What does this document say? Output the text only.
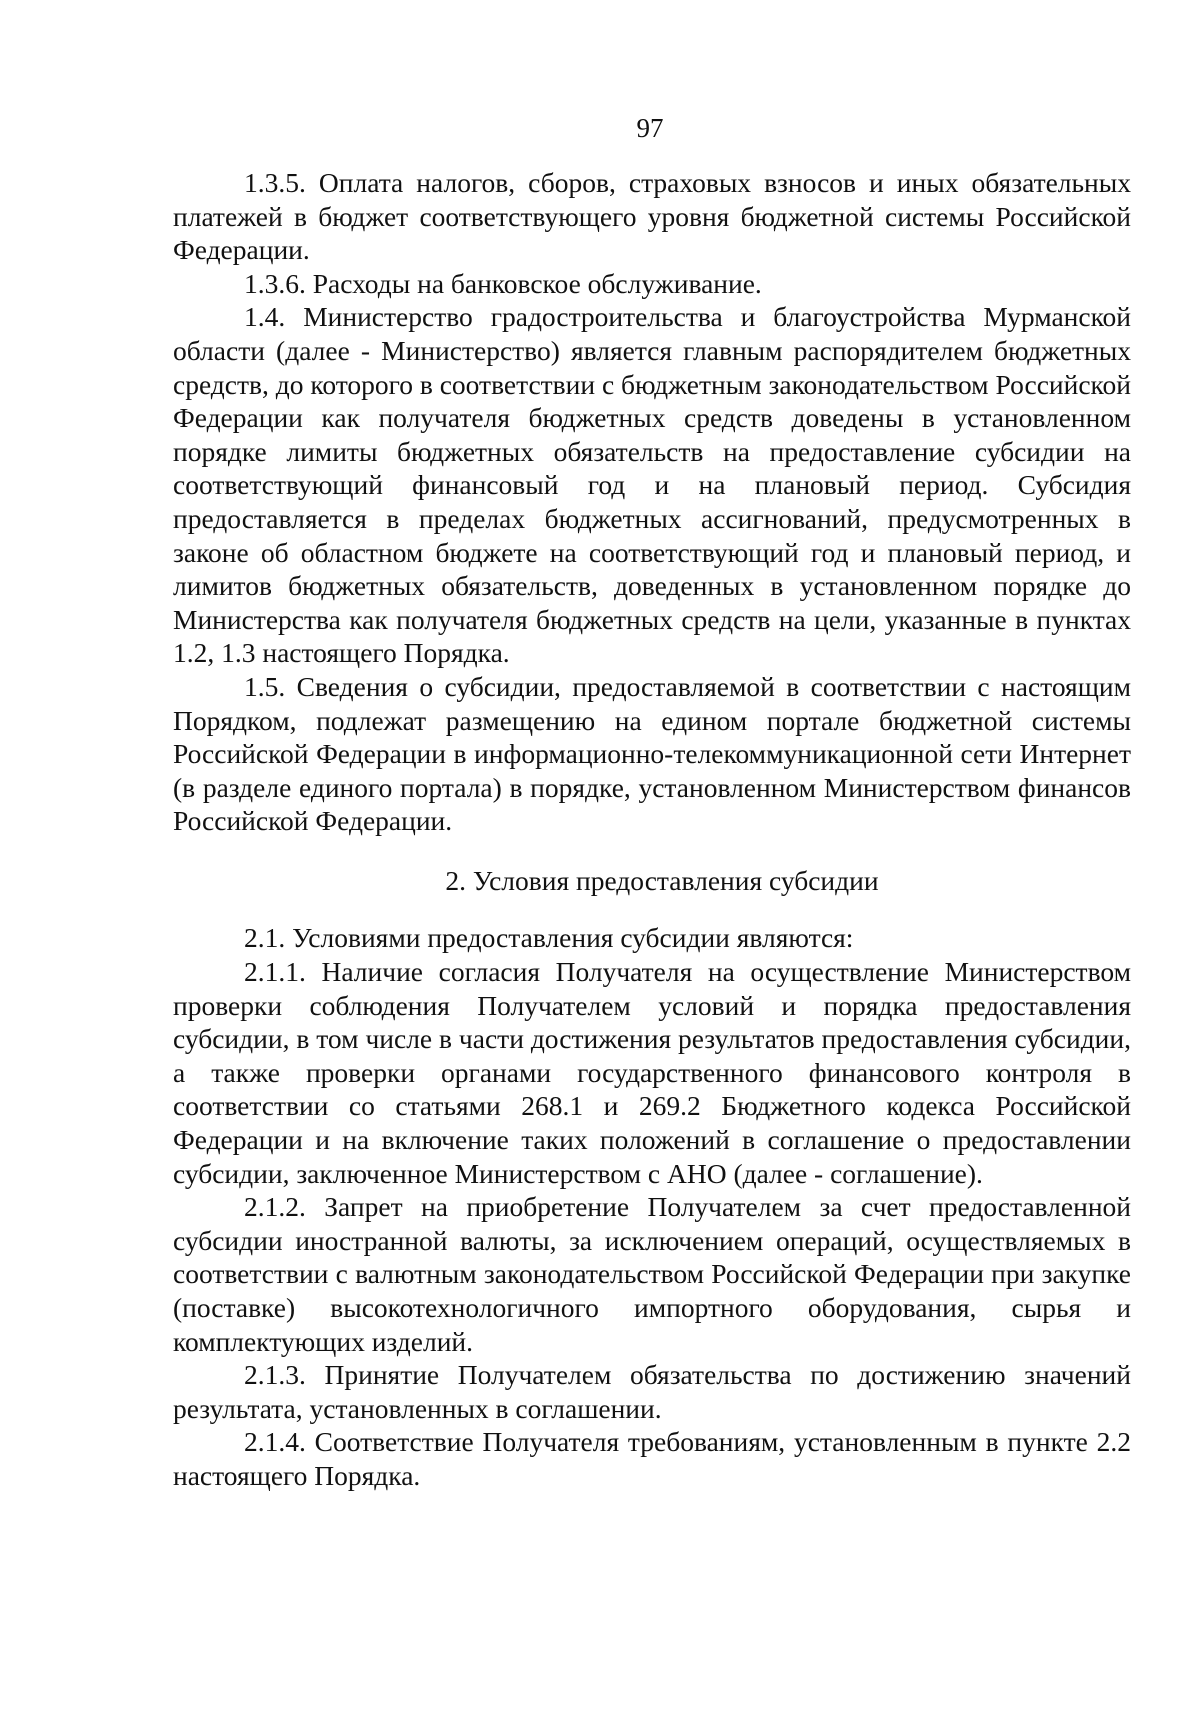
97

1.3.5. Оплата налогов, сборов, страховых взносов и иных обязательных платежей в бюджет соответствующего уровня бюджетной системы Российской Федерации.

1.3.6. Расходы на банковское обслуживание.

1.4. Министерство градостроительства и благоустройства Мурманской области (далее - Министерство) является главным распорядителем бюджетных средств, до которого в соответствии с бюджетным законодательством Российской Федерации как получателя бюджетных средств доведены в установленном порядке лимиты бюджетных обязательств на предоставление субсидии на соответствующий финансовый год и на плановый период. Субсидия предоставляется в пределах бюджетных ассигнований, предусмотренных в законе об областном бюджете на соответствующий год и плановый период, и лимитов бюджетных обязательств, доведенных в установленном порядке до Министерства как получателя бюджетных средств на цели, указанные в пунктах 1.2, 1.3 настоящего Порядка.

1.5. Сведения о субсидии, предоставляемой в соответствии с настоящим Порядком, подлежат размещению на едином портале бюджетной системы Российской Федерации в информационно-телекоммуникационной сети Интернет (в разделе единого портала) в порядке, установленном Министерством финансов Российской Федерации.

2. Условия предоставления субсидии

2.1. Условиями предоставления субсидии являются:

2.1.1. Наличие согласия Получателя на осуществление Министерством проверки соблюдения Получателем условий и порядка предоставления субсидии, в том числе в части достижения результатов предоставления субсидии, а также проверки органами государственного финансового контроля в соответствии со статьями 268.1 и 269.2 Бюджетного кодекса Российской Федерации и на включение таких положений в соглашение о предоставлении субсидии, заключенное Министерством с АНО (далее - соглашение).

2.1.2. Запрет на приобретение Получателем за счет предоставленной субсидии иностранной валюты, за исключением операций, осуществляемых в соответствии с валютным законодательством Российской Федерации при закупке (поставке) высокотехнологичного импортного оборудования, сырья и комплектующих изделий.

2.1.3. Принятие Получателем обязательства по достижению значений результата, установленных в соглашении.

2.1.4. Соответствие Получателя требованиям, установленным в пункте 2.2 настоящего Порядка.
